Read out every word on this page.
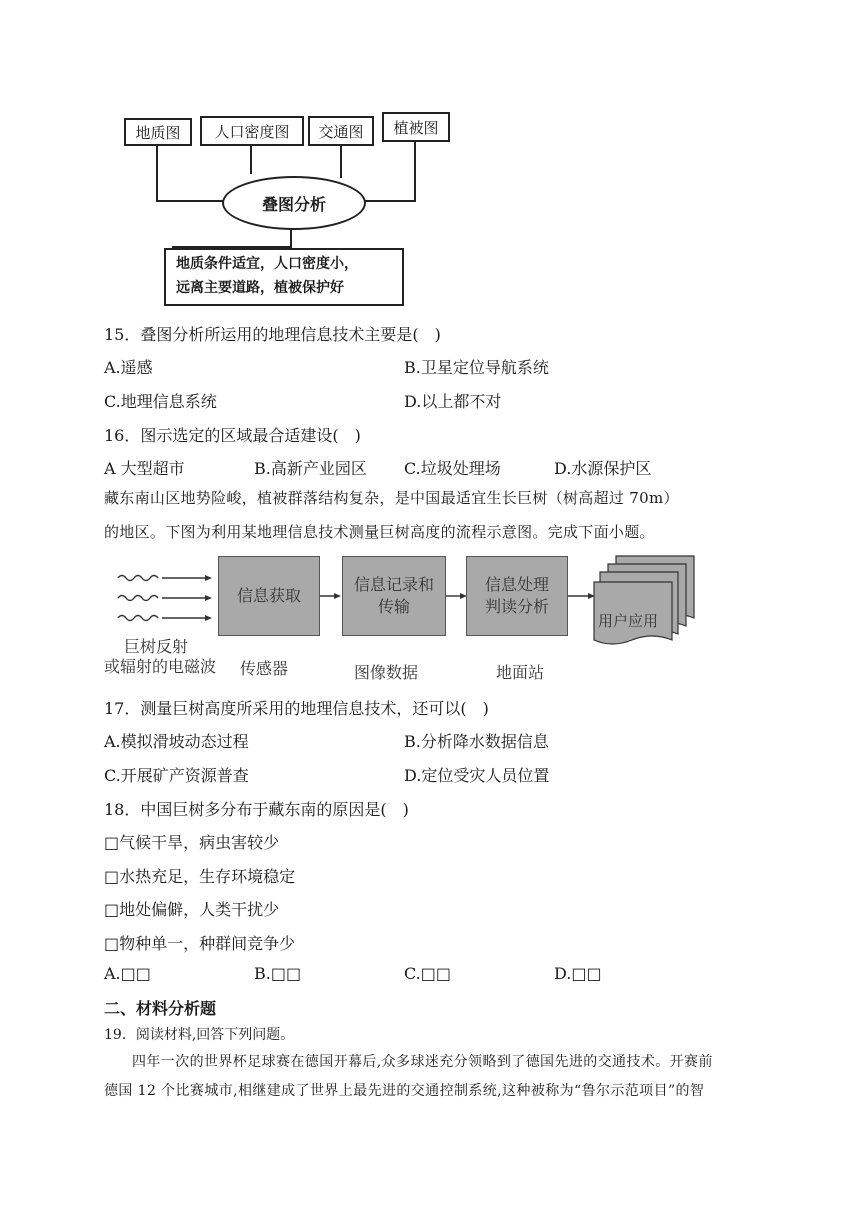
地质图	人口密度图	交通图	植被图
叠图分析
地质条件适宜，人口密度小，
远离主要道路，植被保护好
15．叠图分析所运用的地理信息技术主要是(　)
A.遥感	B.卫星定位导航系统
C.地理信息系统	D.以上都不对
16．图示选定的区域最合适建设(　)
A 大型超市	B.高新产业园区 C.垃圾处理场	D.水源保护区
藏东南山区地势险峻，植被群落结构复杂，是中国最适宜生长巨树（树高超过 70m）
的地区。下图为利用某地理信息技术测量巨树高度的流程示意图。完成下面小题。
信息获取
信息记录和
传输
信息处理
判读分析
用户应用
巨树反射
或辐射的电磁波 传感器	图像数据	地面站
17．测量巨树高度所采用的地理信息技术，还可以(　)
A.模拟滑坡动态过程	B.分析降水数据信息
C.开展矿产资源普查	D.定位受灾人员位置
18．中国巨树多分布于藏东南的原因是(　)
□气候干旱，病虫害较少
□水热充足，生存环境稳定
□地处偏僻，人类干扰少
□物种单一，种群间竞争少
A.□□	B.□□	C.□□	D.□□
二、材料分析题
19．阅读材料,回答下列问题。
四年一次的世界杯足球赛在德国开幕后,众多球迷充分领略到了德国先进的交通技术。开赛前
德国 12 个比赛城市,相继建成了世界上最先进的交通控制系统,这种被称为“鲁尔示范项目”的智
